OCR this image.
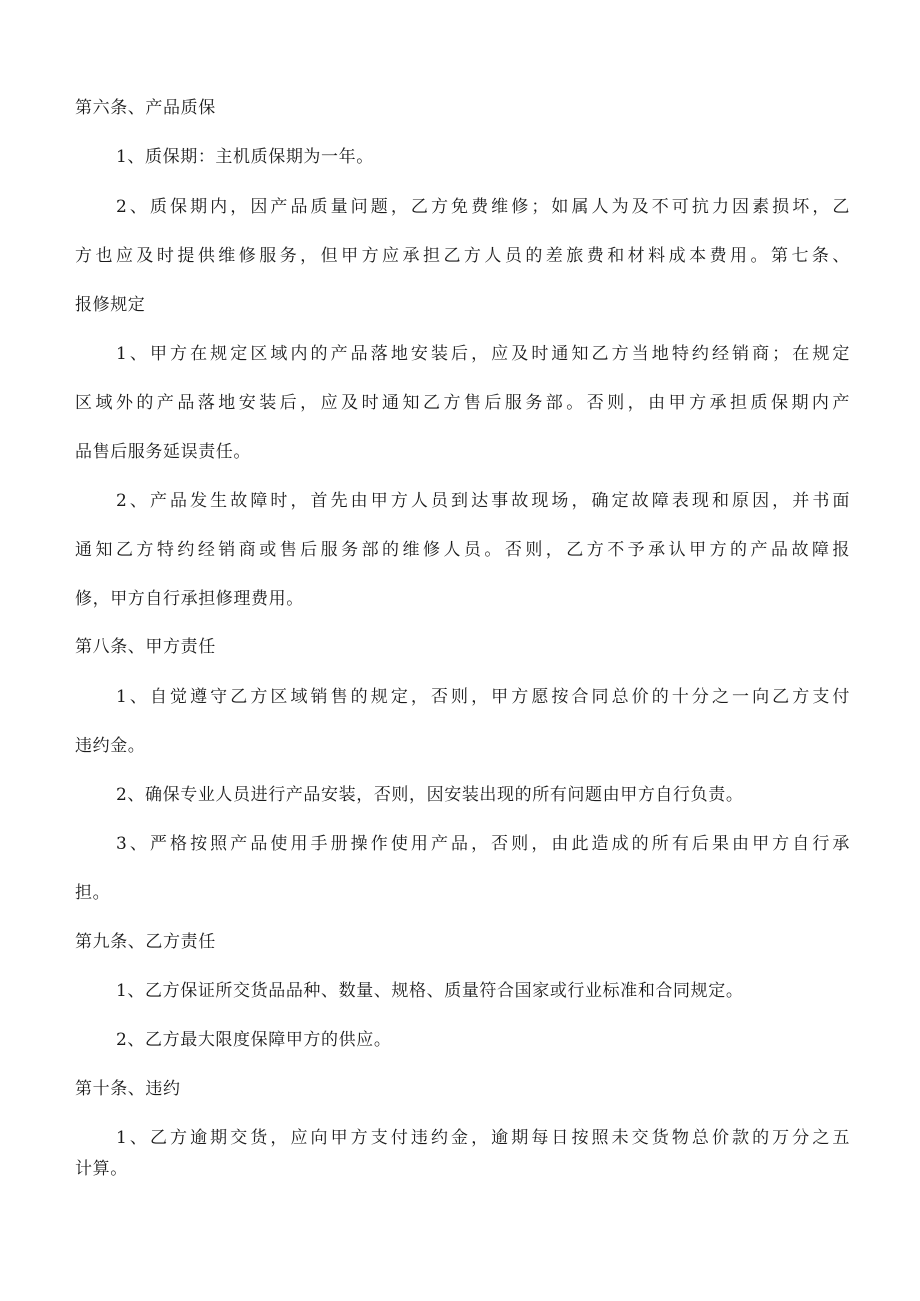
第六条、产品质保
1、质保期：主机质保期为一年。
2、质保期内，因产品质量问题，乙方免费维修；如属人为及不可抗力因素损坏，乙
方也应及时提供维修服务，但甲方应承担乙方人员的差旅费和材料成本费用。第七条、
报修规定
1、甲方在规定区域内的产品落地安装后，应及时通知乙方当地特约经销商；在规定
区域外的产品落地安装后，应及时通知乙方售后服务部。否则，由甲方承担质保期内产
品售后服务延误责任。
2、产品发生故障时，首先由甲方人员到达事故现场，确定故障表现和原因，并书面
通知乙方特约经销商或售后服务部的维修人员。否则，乙方不予承认甲方的产品故障报
修，甲方自行承担修理费用。
第八条、甲方责任
1、自觉遵守乙方区域销售的规定，否则，甲方愿按合同总价的十分之一向乙方支付
违约金。
2、确保专业人员进行产品安装，否则，因安装出现的所有问题由甲方自行负责。
3、严格按照产品使用手册操作使用产品，否则，由此造成的所有后果由甲方自行承
担。
第九条、乙方责任
1、乙方保证所交货品品种、数量、规格、质量符合国家或行业标准和合同规定。
2、乙方最大限度保障甲方的供应。
第十条、违约
1、乙方逾期交货，应向甲方支付违约金，逾期每日按照未交货物总价款的万分之五
计算。
